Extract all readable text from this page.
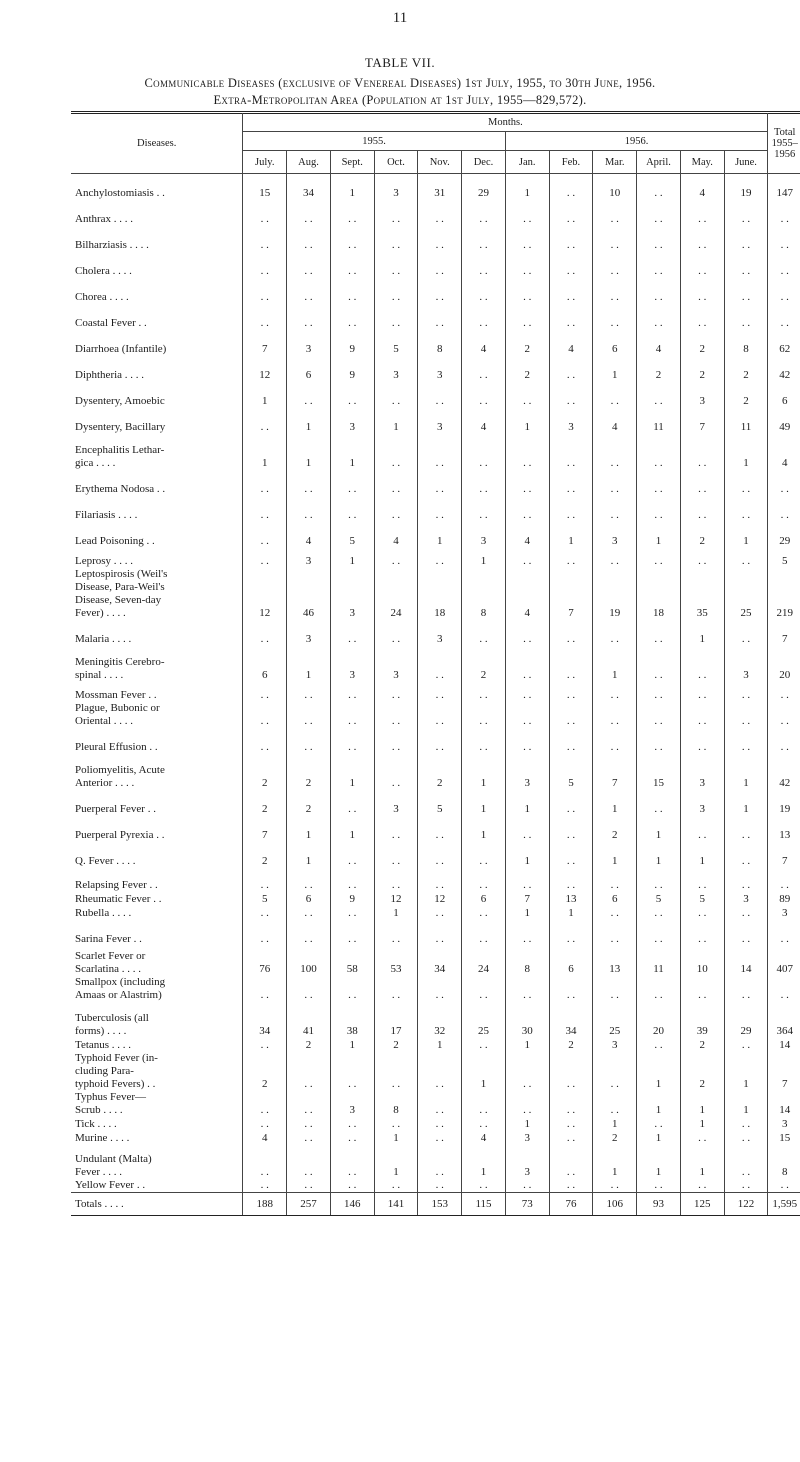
11
TABLE VII.
Communicable Diseases (exclusive of Venereal Diseases) 1st July, 1955, to 30th June, 1956.
Extra-Metropolitan Area (Population at 1st July, 1955—829,572).
Diseases.	Months.												Total 1955– 1956
	1955.						1956.						
	July.	Aug.	Sept.	Oct.	Nov.	Dec.	Jan.	Feb.	Mar.	April.	May.	June.	
Anchylostomiasis . .	15	34	1	3	31	29	1	. .	10	. .	4	19	147
Anthrax . . . .	. .	. .	. .	. .	. .	. .	. .	. .	. .	. .	. .	. .	. .
Bilharziasis . . . .	. .	. .	. .	. .	. .	. .	. .	. .	. .	. .	. .	. .	. .
Cholera . . . .	. .	. .	. .	. .	. .	. .	. .	. .	. .	. .	. .	. .	. .
Chorea . . . .	. .	. .	. .	. .	. .	. .	. .	. .	. .	. .	. .	. .	. .
Coastal Fever . .	. .	. .	. .	. .	. .	. .	. .	. .	. .	. .	. .	. .	. .
Diarrhoea (Infantile)	7	3	9	5	8	4	2	4	6	4	2	8	62
Diphtheria . . . .	12	6	9	3	3	. .	2	. .	1	2	2	2	42
Dysentery, Amoebic	1	. .	. .	. .	. .	. .	. .	. .	. .	. .	3	2	6
Dysentery, Bacillary	. .	1	3	1	3	4	1	3	4	11	7	11	49
Encephalitis Lethar-
gica . . . .	1	1	1	. .	. .	. .	. .	. .	. .	. .	. .	1	4
Erythema Nodosa . .	. .	. .	. .	. .	. .	. .	. .	. .	. .	. .	. .	. .	. .
Filariasis . . . .	. .	. .	. .	. .	. .	. .	. .	. .	. .	. .	. .	. .	. .
Lead Poisoning . .	. .	4	5	4	1	3	4	1	3	1	2	1	29
Leprosy . . . .	. .	3	1	. .	. .	1	. .	. .	. .	. .	. .	. .	5
Leptospirosis (Weil's
Disease, Para-Weil's
Disease, Seven-day
Fever) . . . .	12	46	3	24	18	8	4	7	19	18	35	25	219
Malaria . . . .	. .	3	. .	. .	3	. .	. .	. .	. .	. .	1	. .	7
Meningitis Cerebro-
spinal . . . .	6	1	3	3	. .	2	. .	. .	1	. .	. .	3	20
Mossman Fever . .	. .	. .	. .	. .	. .	. .	. .	. .	. .	. .	. .	. .	. .
Plague, Bubonic or
Oriental . . . .	. .	. .	. .	. .	. .	. .	. .	. .	. .	. .	. .	. .	. .
Pleural Effusion . .	. .	. .	. .	. .	. .	. .	. .	. .	. .	. .	. .	. .	. .
Poliomyelitis, Acute
Anterior . . . .	2	2	1	. .	2	1	3	5	7	15	3	1	42
Puerperal Fever . .	2	2	. .	3	5	1	1	. .	1	. .	3	1	19
Puerperal Pyrexia . .	7	1	1	. .	. .	1	. .	. .	2	1	. .	. .	13
Q. Fever . . . .	2	1	. .	. .	. .	. .	1	. .	1	1	1	. .	7
Relapsing Fever . .	. .	. .	. .	. .	. .	. .	. .	. .	. .	. .	. .	. .	. .
Rheumatic Fever . .	5	6	9	12	12	6	7	13	6	5	5	3	89
Rubella . . . .	. .	. .	. .	1	. .	. .	1	1	. .	. .	. .	. .	3
Sarina Fever . .	. .	. .	. .	. .	. .	. .	. .	. .	. .	. .	. .	. .	. .
Scarlet Fever or
Scarlatina . . . .	76	100	58	53	34	24	8	6	13	11	10	14	407
Smallpox (including
Amaas or Alastrim)	. .	. .	. .	. .	. .	. .	. .	. .	. .	. .	. .	. .	. .
Tuberculosis (all
forms) . . . .	34	41	38	17	32	25	30	34	25	20	39	29	364
Tetanus . . . .	. .	2	1	2	1	. .	1	2	3	. .	2	. .	14
Typhoid Fever (in-
cluding Para-
typhoid Fevers) . .	2	. .	. .	. .	. .	1	. .	. .	. .	1	2	1	7
Typhus Fever—
Scrub . . . .	. .	. .	3	8	. .	. .	. .	. .	. .	1	1	1	14
Tick . . . .	. .	. .	. .	. .	. .	. .	1	. .	1	. .	1	. .	3
Murine . . . .	4	. .	. .	1	. .	4	3	. .	2	1	. .	. .	15
Undulant (Malta)
Fever . . . .	. .	. .	. .	1	. .	1	3	. .	1	1	1	. .	8
Yellow Fever . .	. .	. .	. .	. .	. .	. .	. .	. .	. .	. .	. .	. .	. .
Totals . . . .	188	257	146	141	153	115	73	76	106	93	125	122	1,595
